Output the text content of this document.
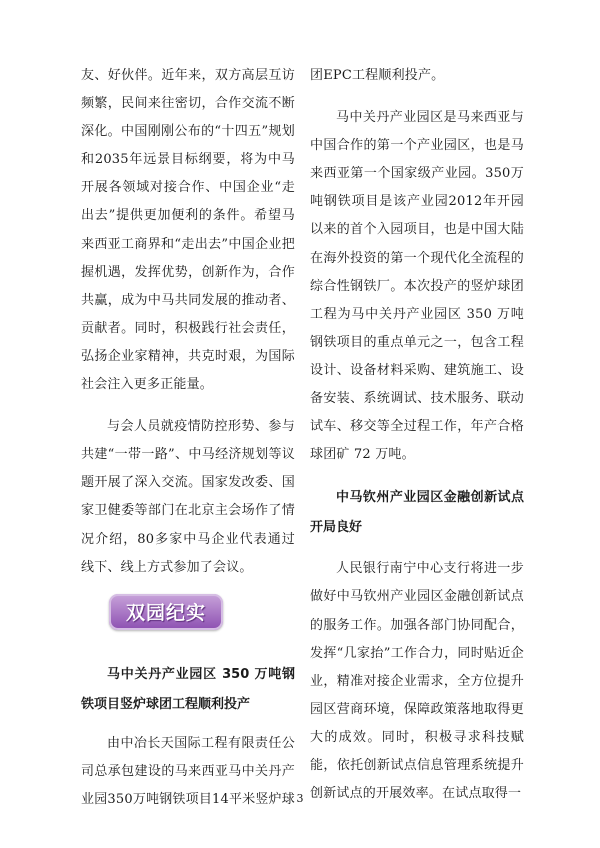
友、好伙伴。近年来，双方高层互访频繁，民间来往密切，合作交流不断深化。中国刚刚公布的“十四五”规划和2035年远景目标纲要，将为中马开展各领域对接合作、中国企业“走出去”提供更加便利的条件。希望马来西亚工商界和“走出去”中国企业把握机遇，发挥优势，创新作为，合作共赢，成为中马共同发展的推动者、贡献者。同时，积极践行社会责任，弘扬企业家精神，共克时艰，为国际社会注入更多正能量。

与会人员就疫情防控形势、参与共建“一带一路”、中马经济规划等议题开展了深入交流。国家发改委、国家卫健委等部门在北京主会场作了情况介绍，80多家中马企业代表通过线下、线上方式参加了会议。

双园纪实
马中关丹产业园区 350 万吨钢铁项目竖炉球团工程顺利投产

由中冶长天国际工程有限责任公司总承包建设的马来西亚马中关丹产业园350万吨钢铁项目14平米竖炉球

团EPC工程顺利投产。

马中关丹产业园区是马来西亚与中国合作的第一个产业园区，也是马来西亚第一个国家级产业园。350万吨钢铁项目是该产业园2012年开园以来的首个入园项目，也是中国大陆在海外投资的第一个现代化全流程的综合性钢铁厂。本次投产的竖炉球团工程为马中关丹产业园区 350 万吨钢铁项目的重点单元之一，包含工程设计、设备材料采购、建筑施工、设备安装、系统调试、技术服务、联动试车、移交等全过程工作，年产合格球团矿 72 万吨。

中马钦州产业园区金融创新试点开局良好

人民银行南宁中心支行将进一步做好中马钦州产业园区金融创新试点的服务工作。加强各部门协同配合，发挥“几家抬”工作合力，同时贴近企业，精准对接企业需求，全方位提升园区营商环境，保障政策落地取得更大的成效。同时，积极寻求科技赋能，依托创新试点信息管理系统提升创新试点的开展效率。在试点取得一

3
